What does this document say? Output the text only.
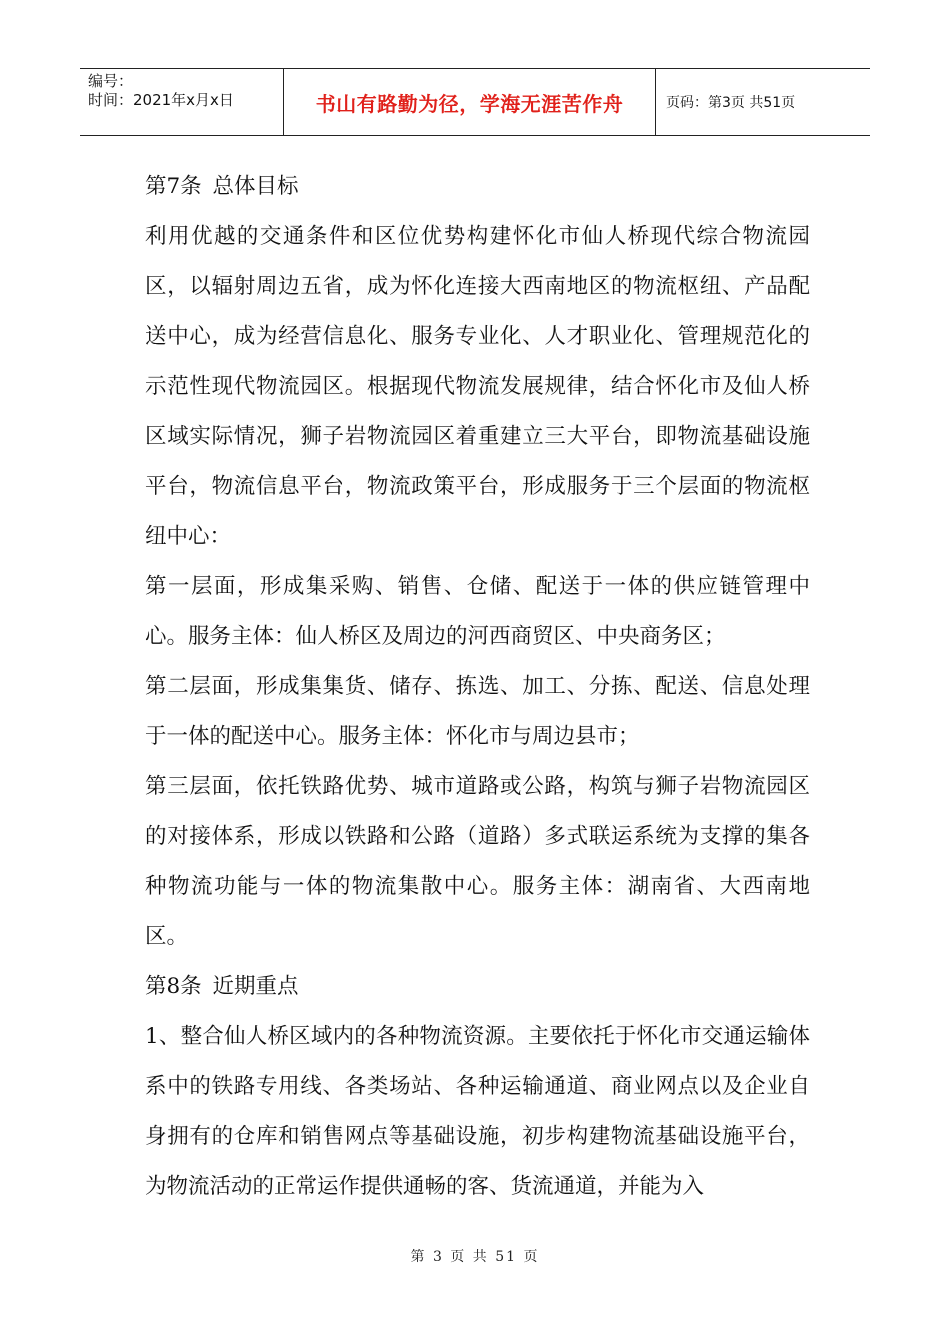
编号：
时间：2021年x月x日	书山有路勤为径，学海无涯苦作舟	页码：第3页 共51页

第7条 总体目标

利用优越的交通条件和区位优势构建怀化市仙人桥现代综合物流园区，以辐射周边五省，成为怀化连接大西南地区的物流枢纽、产品配送中心，成为经营信息化、服务专业化、人才职业化、管理规范化的示范性现代物流园区。根据现代物流发展规律，结合怀化市及仙人桥区域实际情况，狮子岩物流园区着重建立三大平台，即物流基础设施平台，物流信息平台，物流政策平台，形成服务于三个层面的物流枢纽中心：

第一层面，形成集采购、销售、仓储、配送于一体的供应链管理中心。服务主体：仙人桥区及周边的河西商贸区、中央商务区；

第二层面，形成集集货、储存、拣选、加工、分拣、配送、信息处理于一体的配送中心。服务主体：怀化市与周边县市；

第三层面，依托铁路优势、城市道路或公路，构筑与狮子岩物流园区的对接体系，形成以铁路和公路（道路）多式联运系统为支撑的集各种物流功能与一体的物流集散中心。服务主体：湖南省、大西南地区。

第8条 近期重点

1、整合仙人桥区域内的各种物流资源。主要依托于怀化市交通运输体系中的铁路专用线、各类场站、各种运输通道、商业网点以及企业自身拥有的仓库和销售网点等基础设施，初步构建物流基础设施平台，为物流活动的正常运作提供通畅的客、货流通道，并能为入

第 3 页 共 51 页
